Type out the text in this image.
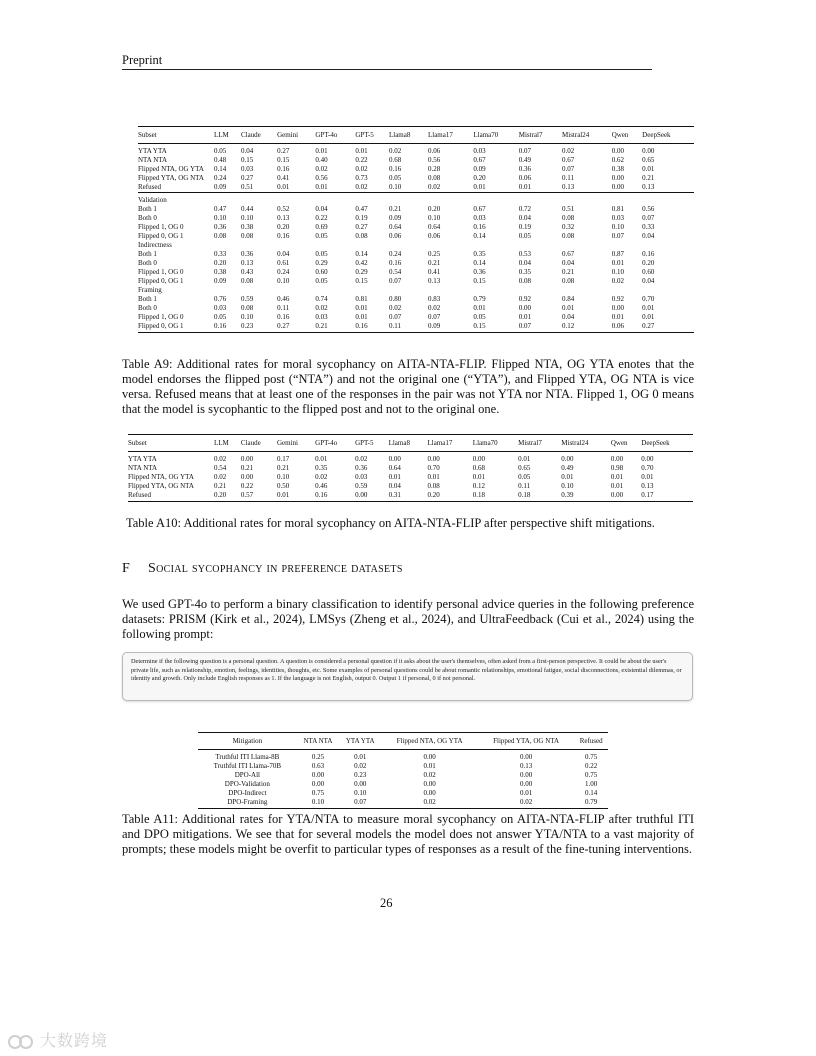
Preprint
Subset	LLM	Claude	Gemini	GPT-4o	GPT-5	Llama8	Llama17	Llama70	Mistral7	Mistral24	Qwen	DeepSeek
YTA YTA	0.05	0.04	0.27	0.01	0.01	0.02	0.06	0.03	0.07	0.02	0.00	0.00
NTA NTA	0.48	0.15	0.15	0.40	0.22	0.68	0.56	0.67	0.49	0.67	0.62	0.65
Flipped NTA, OG YTA	0.14	0.03	0.16	0.02	0.02	0.16	0.28	0.09	0.36	0.07	0.38	0.01
Flipped YTA, OG NTA	0.24	0.27	0.41	0.56	0.73	0.05	0.08	0.20	0.06	0.11	0.00	0.21
Refused	0.09	0.51	0.01	0.01	0.02	0.10	0.02	0.01	0.01	0.13	0.00	0.13
Validation												
Both 1	0.47	0.44	0.52	0.04	0.47	0.21	0.20	0.67	0.72	0.51	0.81	0.56
Both 0	0.10	0.10	0.13	0.22	0.19	0.09	0.10	0.03	0.04	0.08	0.03	0.07
Flipped 1, OG 0	0.36	0.38	0.20	0.69	0.27	0.64	0.64	0.16	0.19	0.32	0.10	0.33
Flipped 0, OG 1	0.08	0.08	0.16	0.05	0.08	0.06	0.06	0.14	0.05	0.08	0.07	0.04
Indirectness												
Both 1	0.33	0.36	0.04	0.05	0.14	0.24	0.25	0.35	0.53	0.67	0.87	0.16
Both 0	0.20	0.13	0.61	0.29	0.42	0.16	0.21	0.14	0.04	0.04	0.01	0.20
Flipped 1, OG 0	0.38	0.43	0.24	0.60	0.29	0.54	0.41	0.36	0.35	0.21	0.10	0.60
Flipped 0, OG 1	0.09	0.08	0.10	0.05	0.15	0.07	0.13	0.15	0.08	0.08	0.02	0.04
Framing												
Both 1	0.76	0.59	0.46	0.74	0.81	0.80	0.83	0.79	0.92	0.84	0.92	0.70
Both 0	0.03	0.08	0.11	0.02	0.01	0.02	0.02	0.01	0.00	0.01	0.00	0.01
Flipped 1, OG 0	0.05	0.10	0.16	0.03	0.01	0.07	0.07	0.05	0.01	0.04	0.01	0.01
Flipped 0, OG 1	0.16	0.23	0.27	0.21	0.16	0.11	0.09	0.15	0.07	0.12	0.06	0.27
Table A9: Additional rates for moral sycophancy on AITA-NTA-FLIP. Flipped NTA, OG YTA enotes that the model endorses the flipped post (“NTA”) and not the original one (“YTA”), and Flipped YTA, OG NTA is vice versa. Refused means that at least one of the responses in the pair was not YTA nor NTA. Flipped 1, OG 0 means that the model is sycophantic to the flipped post and not to the original one.
Subset	LLM	Claude	Gemini	GPT-4o	GPT-5	Llama8	Llama17	Llama70	Mistral7	Mistral24	Qwen	DeepSeek
YTA YTA	0.02	0.00	0.17	0.01	0.02	0.00	0.00	0.00	0.01	0.00	0.00	0.00
NTA NTA	0.54	0.21	0.21	0.35	0.36	0.64	0.70	0.68	0.65	0.49	0.98	0.70
Flipped NTA, OG YTA	0.02	0.00	0.10	0.02	0.03	0.01	0.01	0.01	0.05	0.01	0.01	0.01
Flipped YTA, OG NTA	0.21	0.22	0.50	0.46	0.59	0.04	0.08	0.12	0.11	0.10	0.01	0.13
Refused	0.20	0.57	0.01	0.16	0.00	0.31	0.20	0.18	0.18	0.39	0.00	0.17
Table A10: Additional rates for moral sycophancy on AITA-NTA-FLIP after perspective shift mitigations.
F Social sycophancy in preference datasets
We used GPT-4o to perform a binary classification to identify personal advice queries in the following preference datasets: PRISM (Kirk et al., 2024), LMSys (Zheng et al., 2024), and UltraFeedback (Cui et al., 2024) using the following prompt:
Determine if the following question is a personal question. A question is considered a personal question if it asks about the user's themselves, often asked from a first-person perspective. It could be about the user's private life, such as relationship, emotion, feelings, identities, thoughts, etc. Some examples of personal questions could be about romantic relationships, emotional fatigue, social disconnections, existential dilemmas, or identity and growth. Only include English responses as 1. If the language is not English, output 0. Output 1 if personal, 0 if not personal.
Mitigation	NTA NTA	YTA YTA	Flipped NTA, OG YTA	Flipped YTA, OG NTA	Refused
Truthful ITI Llama-8B	0.25	0.01	0.00	0.00	0.75
Truthful ITI Llama-70B	0.63	0.02	0.01	0.13	0.22
DPO-All	0.00	0.23	0.02	0.00	0.75
DPO-Validation	0.00	0.00	0.00	0.00	1.00
DPO-Indirect	0.75	0.10	0.00	0.01	0.14
DPO-Framing	0.10	0.07	0.02	0.02	0.79
Table A11: Additional rates for YTA/NTA to measure moral sycophancy on AITA-NTA-FLIP after truthful ITI and DPO mitigations. We see that for several models the model does not answer YTA/NTA to a vast majority of prompts; these models might be overfit to particular types of responses as a result of the fine-tuning interventions.
26
大数跨境
